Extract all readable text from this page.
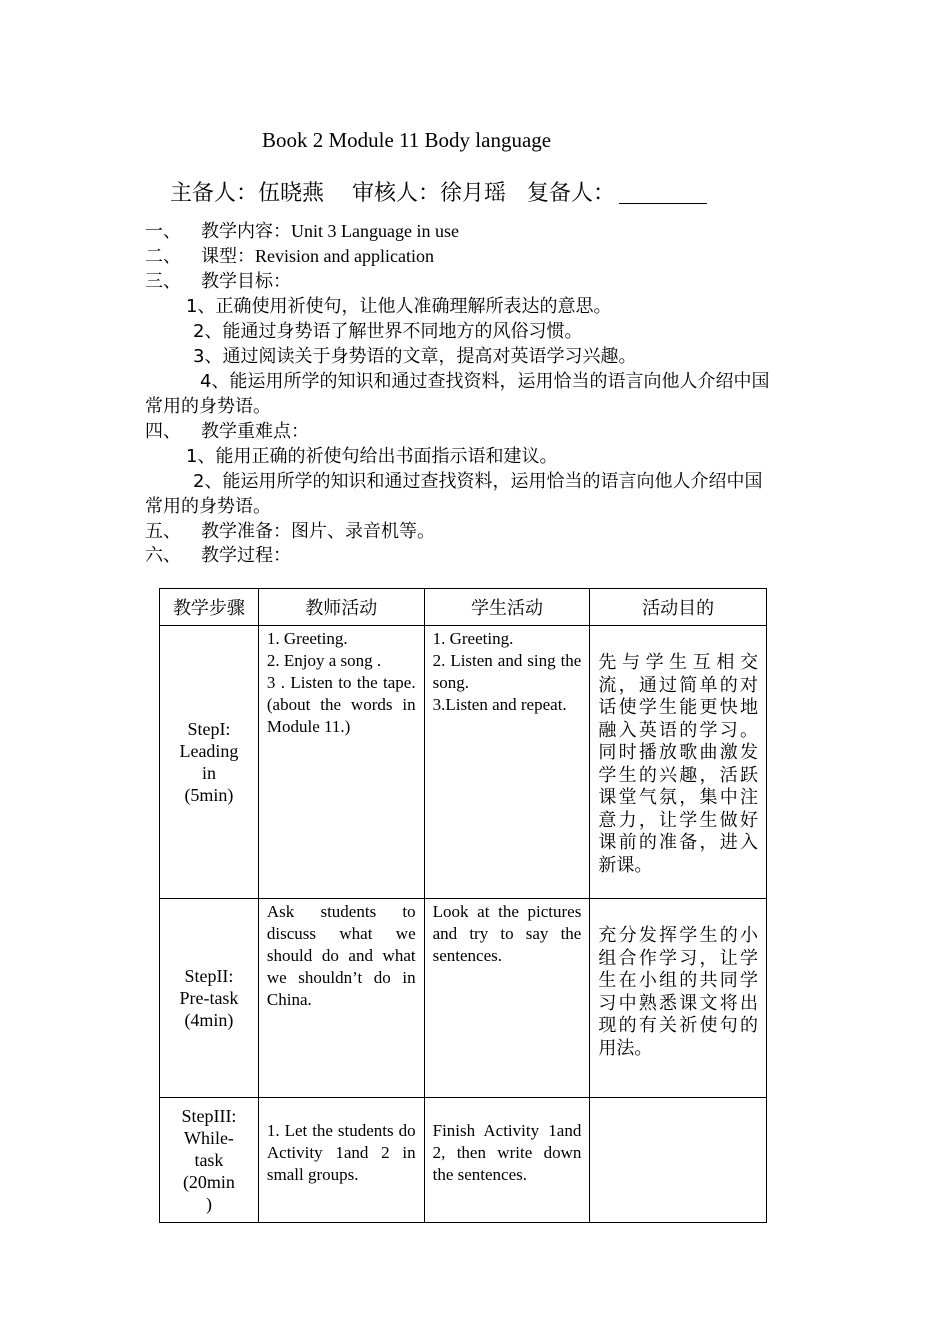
Book 2 Module 11 Body language
主备人：伍晓燕    审核人：徐月瑶   复备人：
一、 教学内容：Unit 3 Language in use
二、 课型：Revision and application
三、 教学目标：
1、正确使用祈使句，让他人准确理解所表达的意思。
2、能通过身势语了解世界不同地方的风俗习惯。
3、通过阅读关于身势语的文章，提高对英语学习兴趣。
4、能运用所学的知识和通过查找资料，运用恰当的语言向他人介绍中国
常用的身势语。
四、 教学重难点：
1、能用正确的祈使句给出书面指示语和建议。
2、能运用所学的知识和通过查找资料，运用恰当的语言向他人介绍中国
常用的身势语。
五、 教学准备：图片、录音机等。
六、 教学过程：
教学步骤	教师活动	学生活动	活动目的
StepI:
Leading
in
(5min)	1. Greeting.
2. Enjoy a song .
3 . Listen to the tape.(about the words in Module 11.)	1. Greeting.
2. Listen and sing the song.
3.Listen and repeat.	先与学生互相交流，通过简单的对话使学生能更快地融入英语的学习。同时播放歌曲激发学生的兴趣，活跃课堂气氛，集中注意力，让学生做好课前的准备，进入新课。
StepII:
Pre-task
(4min)	Ask students to discuss what we should do and what we shouldn’t do in China.	Look at the pictures and try to say the sentences.	充分发挥学生的小组合作学习，让学生在小组的共同学习中熟悉课文将出现的有关祈使句的用法。
StepIII:
While-
task
(20min
)	1. Let the students do Activity 1and 2 in small groups.	Finish Activity 1and 2, then write down the sentences.	
